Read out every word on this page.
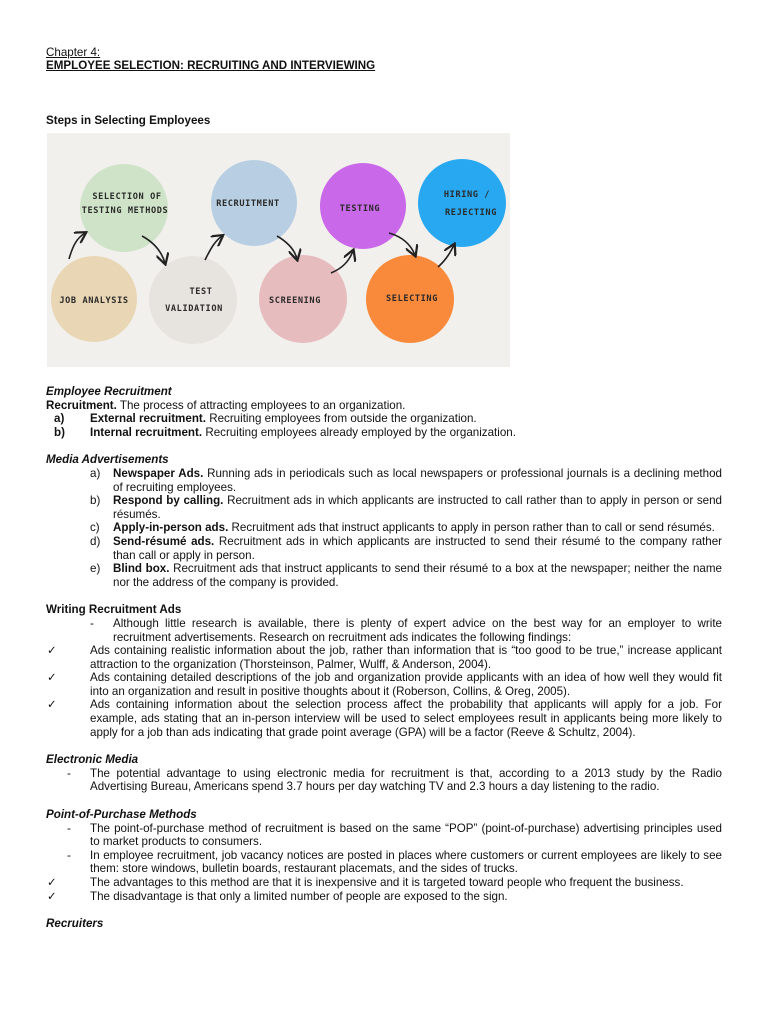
Chapter 4:
EMPLOYEE SELECTION: RECRUITING AND INTERVIEWING
Steps in Selecting Employees
SELECTION OF
TESTING METHODS
RECRUITMENT	TESTING
HIRING /
REJECTING
JOB ANALYSIS
TEST
VALIDATION
SCREENING	SELECTING
Employee Recruitment
Recruitment. The process of attracting employees to an organization.
a)	External recruitment. Recruiting employees from outside the organization.
b)	Internal recruitment. Recruiting employees already employed by the organization.
Media Advertisements
a)	Newspaper Ads. Running ads in periodicals such as local newspapers or professional journals is a declining method of recruiting employees.
b)	Respond by calling. Recruitment ads in which applicants are instructed to call rather than to apply in person or send résumés.
c)	Apply-in-person ads. Recruitment ads that instruct applicants to apply in person rather than to call or send résumés.
d)	Send-résumé ads. Recruitment ads in which applicants are instructed to send their résumé to the company rather than call or apply in person.
e)	Blind box. Recruitment ads that instruct applicants to send their résumé to a box at the newspaper; neither the name nor the address of the company is provided.
Writing Recruitment Ads
-	Although little research is available, there is plenty of expert advice on the best way for an employer to write recruitment advertisements. Research on recruitment ads indicates the following findings:
✓	Ads containing realistic information about the job, rather than information that is “too good to be true,” increase applicant attraction to the organization (Thorsteinson, Palmer, Wulff, & Anderson, 2004).
✓	Ads containing detailed descriptions of the job and organization provide applicants with an idea of how well they would fit into an organization and result in positive thoughts about it (Roberson, Collins, & Oreg, 2005).
✓	Ads containing information about the selection process affect the probability that applicants will apply for a job. For example, ads stating that an in-person interview will be used to select employees result in applicants being more likely to apply for a job than ads indicating that grade point average (GPA) will be a factor (Reeve & Schultz, 2004).
Electronic Media
-	The potential advantage to using electronic media for recruitment is that, according to a 2013 study by the Radio Advertising Bureau, Americans spend 3.7 hours per day watching TV and 2.3 hours a day listening to the radio.
Point-of-Purchase Methods
-	The point-of-purchase method of recruitment is based on the same “POP” (point-of-purchase) advertising principles used to market products to consumers.
-	In employee recruitment, job vacancy notices are posted in places where customers or current employees are likely to see them: store windows, bulletin boards, restaurant placemats, and the sides of trucks.
✓	The advantages to this method are that it is inexpensive and it is targeted toward people who frequent the business.
✓	The disadvantage is that only a limited number of people are exposed to the sign.
Recruiters
